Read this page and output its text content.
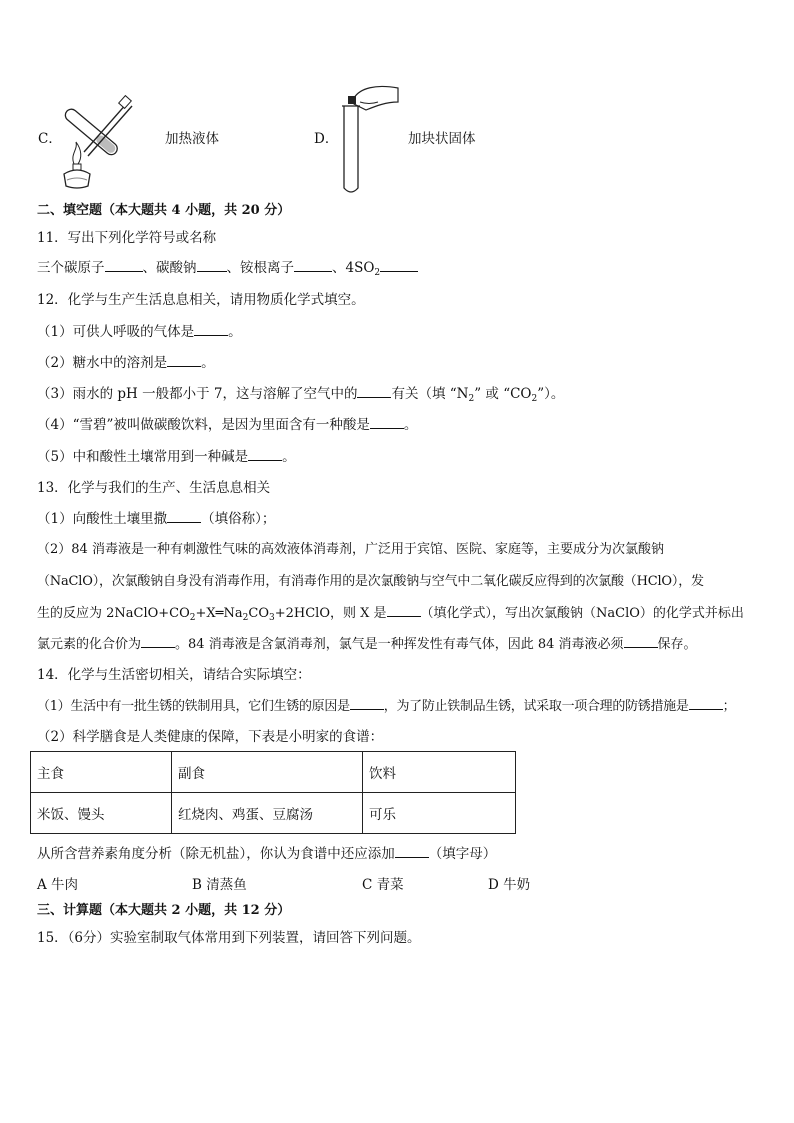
C．	加热液体	D．	加块状固体
二、填空题（本大题共 4 小题，共 20 分）
11．写出下列化学符号或名称
三个碳原子	、碳酸钠 、铵根离子	、$4SO_2$
12．化学与生产生活息息相关，请用物质化学式填空。
（1）可供人呼吸的气体是	。
（2）糖水中的溶剂是	。
（3）雨水的 pH 一般都小于 7，这与溶解了空气中的	有关（填 “$N_2$” 或 “$CO_2$”）。
（4）“雪碧”被叫做碳酸饮料，是因为里面含有一种酸是	。
（5）中和酸性土壤常用到一种碱是	。
13．化学与我们的生产、生活息息相关
（1）向酸性土壤里撒	（填俗称）；
（2）84 消毒液是一种有刺激性气味的高效液体消毒剂，广泛用于宾馆、医院、家庭等，主要成分为次氯酸钠
（NaClO），次氯酸钠自身没有消毒作用，有消毒作用的是次氯酸钠与空气中二氧化碳反应得到的次氯酸（HClO），发
生的反应为 $2NaClO+CO_2+X═Na_2CO_3+2HClO$，则 X 是	（填化学式），写出次氯酸钠（NaClO）的化学式并标出
氯元素的化合价为	。84 消毒液是含氯消毒剂，氯气是一种挥发性有毒气体，因此 84 消毒液必须	保存。
14．化学与生活密切相关，请结合实际填空：
（1）生活中有一批生锈的铁制用具，它们生锈的原因是	，为了防止铁制品生锈，试采取一项合理的防锈措施是	；
（2）科学膳食是人类健康的保障，下表是小明家的食谱：
主食	副食	饮料
米饭、馒头	红烧肉、鸡蛋、豆腐汤	可乐
从所含营养素角度分析（除无机盐），你认为食谱中还应添加	（填字母）
A 牛肉	B 清蒸鱼	C 青菜	D 牛奶
三、计算题（本大题共 2 小题，共 12 分）
15．（6分）实验室制取气体常用到下列装置，请回答下列问题。
